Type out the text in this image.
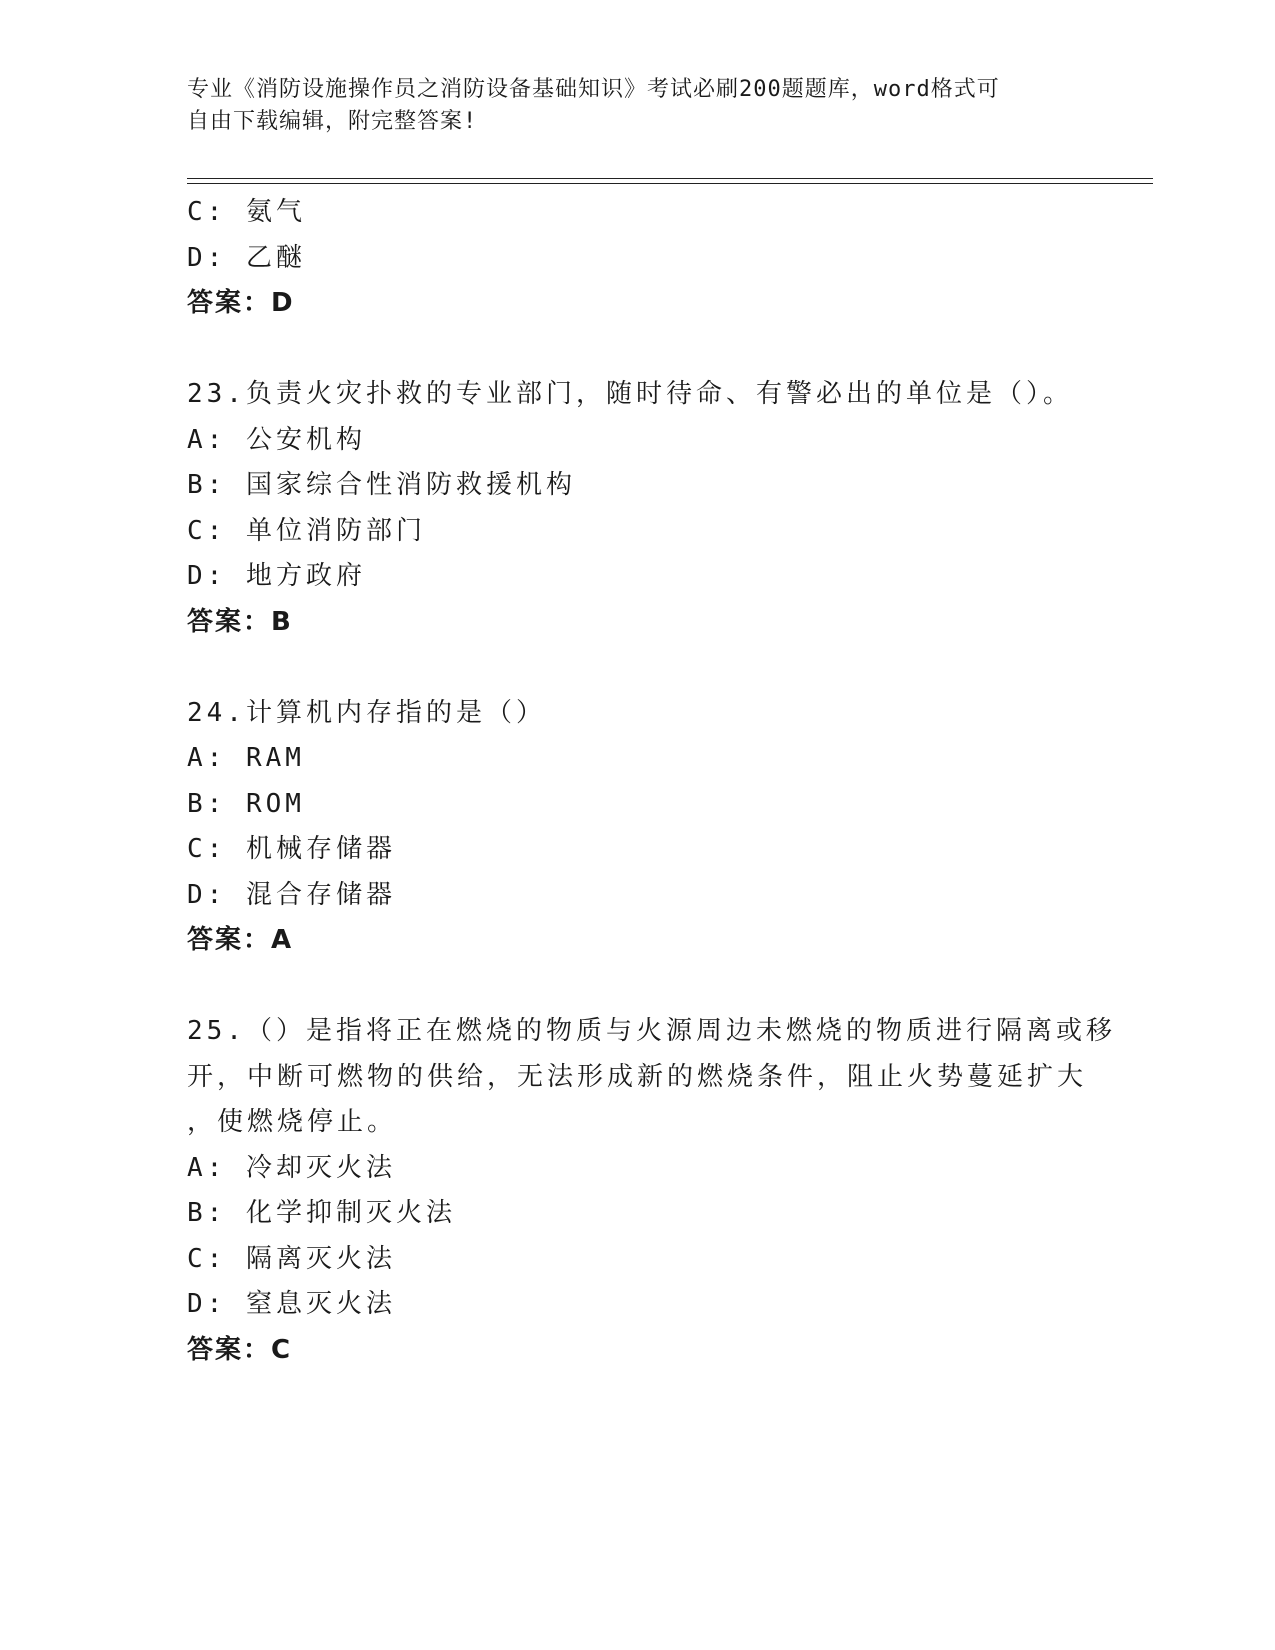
专业《消防设施操作员之消防设备基础知识》考试必刷200题题库，word格式可
自由下载编辑，附完整答案!
C: 氨气
D: 乙醚
答案：D
23.负责火灾扑救的专业部门，随时待命、有警必出的单位是（）。
A: 公安机构
B: 国家综合性消防救援机构
C: 单位消防部门
D: 地方政府
答案：B
24.计算机内存指的是（）
A: RAM
B: ROM
C: 机械存储器
D: 混合存储器
答案：A
25.（）是指将正在燃烧的物质与火源周边未燃烧的物质进行隔离或移
开，中断可燃物的供给，无法形成新的燃烧条件，阻止火势蔓延扩大
，使燃烧停止。
A: 冷却灭火法
B: 化学抑制灭火法
C: 隔离灭火法
D: 窒息灭火法
答案：C
